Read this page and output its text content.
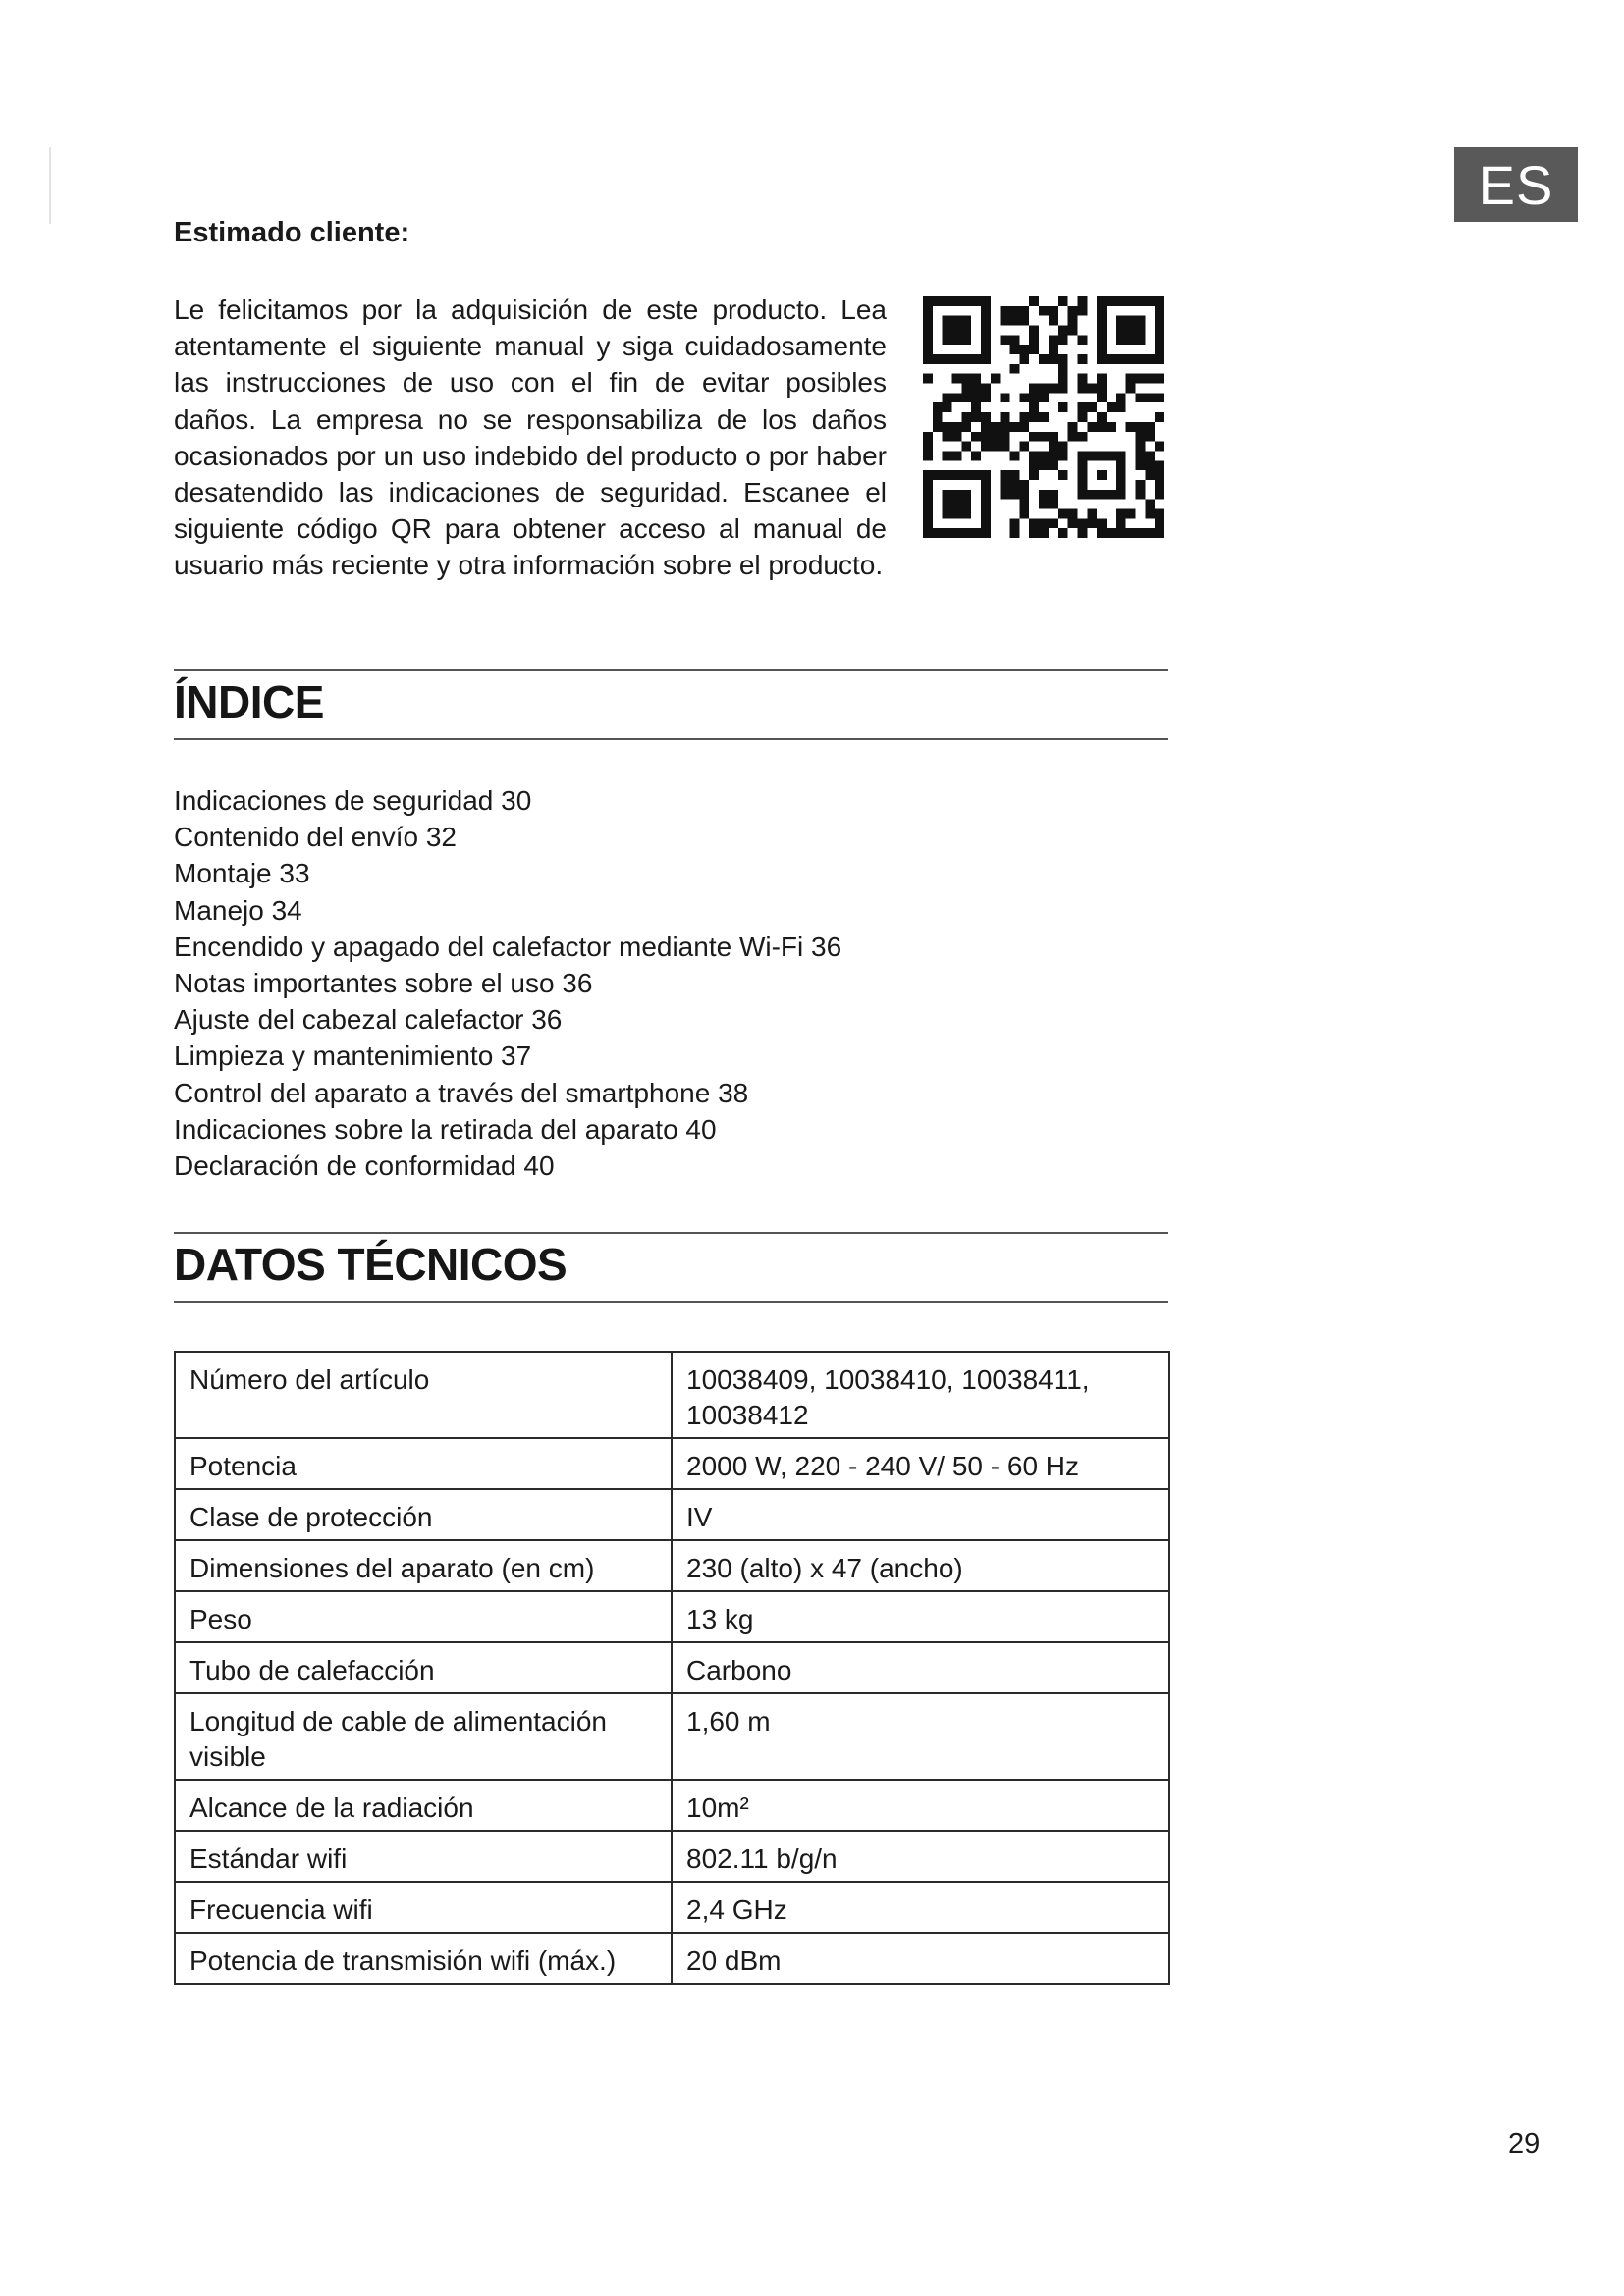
ES

Estimado cliente:

Le felicitamos por la adquisición de este producto. Lea atentamente el siguiente manual y siga cuidadosamente las instrucciones de uso con el fin de evitar posibles daños. La empresa no se responsabiliza de los daños ocasionados por un uso indebido del producto o por haber desatendido las indicaciones de seguridad. Escanee el siguiente código QR para obtener acceso al manual de usuario más reciente y otra información sobre el producto.

ÍNDICE
Indicaciones de seguridad 30
Contenido del envío 32
Montaje 33
Manejo 34
Encendido y apagado del calefactor mediante Wi-Fi 36
Notas importantes sobre el uso 36
Ajuste del cabezal calefactor 36
Limpieza y mantenimiento 37
Control del aparato a través del smartphone 38
Indicaciones sobre la retirada del aparato 40
Declaración de conformidad 40
DATOS TÉCNICOS
Número del artículo	10038409, 10038410, 10038411, 10038412
Potencia	2000 W, 220 - 240 V/ 50 - 60 Hz
Clase de protección	IV
Dimensiones del aparato (en cm)	230 (alto) x 47 (ancho)
Peso	13 kg
Tubo de calefacción	Carbono
Longitud de cable de alimentación visible	1,60 m
Alcance de la radiación	10m²
Estándar wifi	802.11 b/g/n
Frecuencia wifi	2,4 GHz
Potencia de transmisión wifi (máx.)	20 dBm
29
